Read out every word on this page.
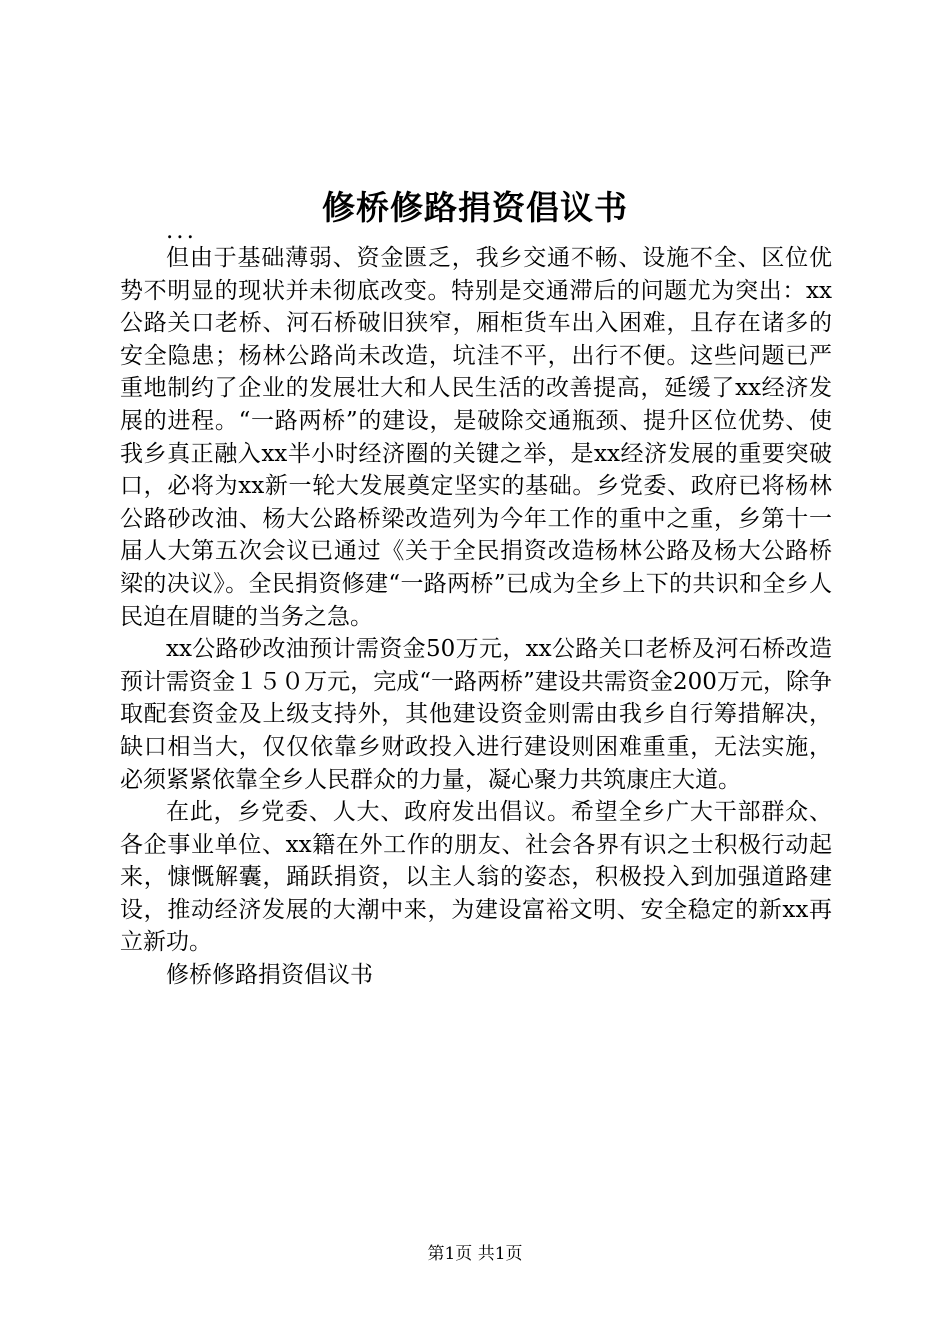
修桥修路捐资倡议书

...

但由于基础薄弱、资金匮乏，我乡交通不畅、设施不全、区位优势不明显的现状并未彻底改变。特别是交通滞后的问题尤为突出：xx公路关口老桥、河石桥破旧狭窄，厢柜货车出入困难，且存在诸多的安全隐患；杨林公路尚未改造，坑洼不平，出行不便。这些问题已严重地制约了企业的发展壮大和人民生活的改善提高，延缓了xx经济发展的进程。“一路两桥”的建设，是破除交通瓶颈、提升区位优势、使我乡真正融入xx半小时经济圈的关键之举，是xx经济发展的重要突破口，必将为xx新一轮大发展奠定坚实的基础。乡党委、政府已将杨林公路砂改油、杨大公路桥梁改造列为今年工作的重中之重，乡第十一届人大第五次会议已通过《关于全民捐资改造杨林公路及杨大公路桥梁的决议》。全民捐资修建“一路两桥”已成为全乡上下的共识和全乡人民迫在眉睫的当务之急。

xx公路砂改油预计需资金50万元，xx公路关口老桥及河石桥改造预计需资金１５０万元，完成“一路两桥”建设共需资金200万元，除争取配套资金及上级支持外，其他建设资金则需由我乡自行筹措解决，缺口相当大，仅仅依靠乡财政投入进行建设则困难重重，无法实施，必须紧紧依靠全乡人民群众的力量，凝心聚力共筑康庄大道。

在此，乡党委、人大、政府发出倡议。希望全乡广大干部群众、各企事业单位、xx籍在外工作的朋友、社会各界有识之士积极行动起来，慷慨解囊，踊跃捐资，以主人翁的姿态，积极投入到加强道路建设，推动经济发展的大潮中来，为建设富裕文明、安全稳定的新xx再立新功。

修桥修路捐资倡议书

第1页 共1页
